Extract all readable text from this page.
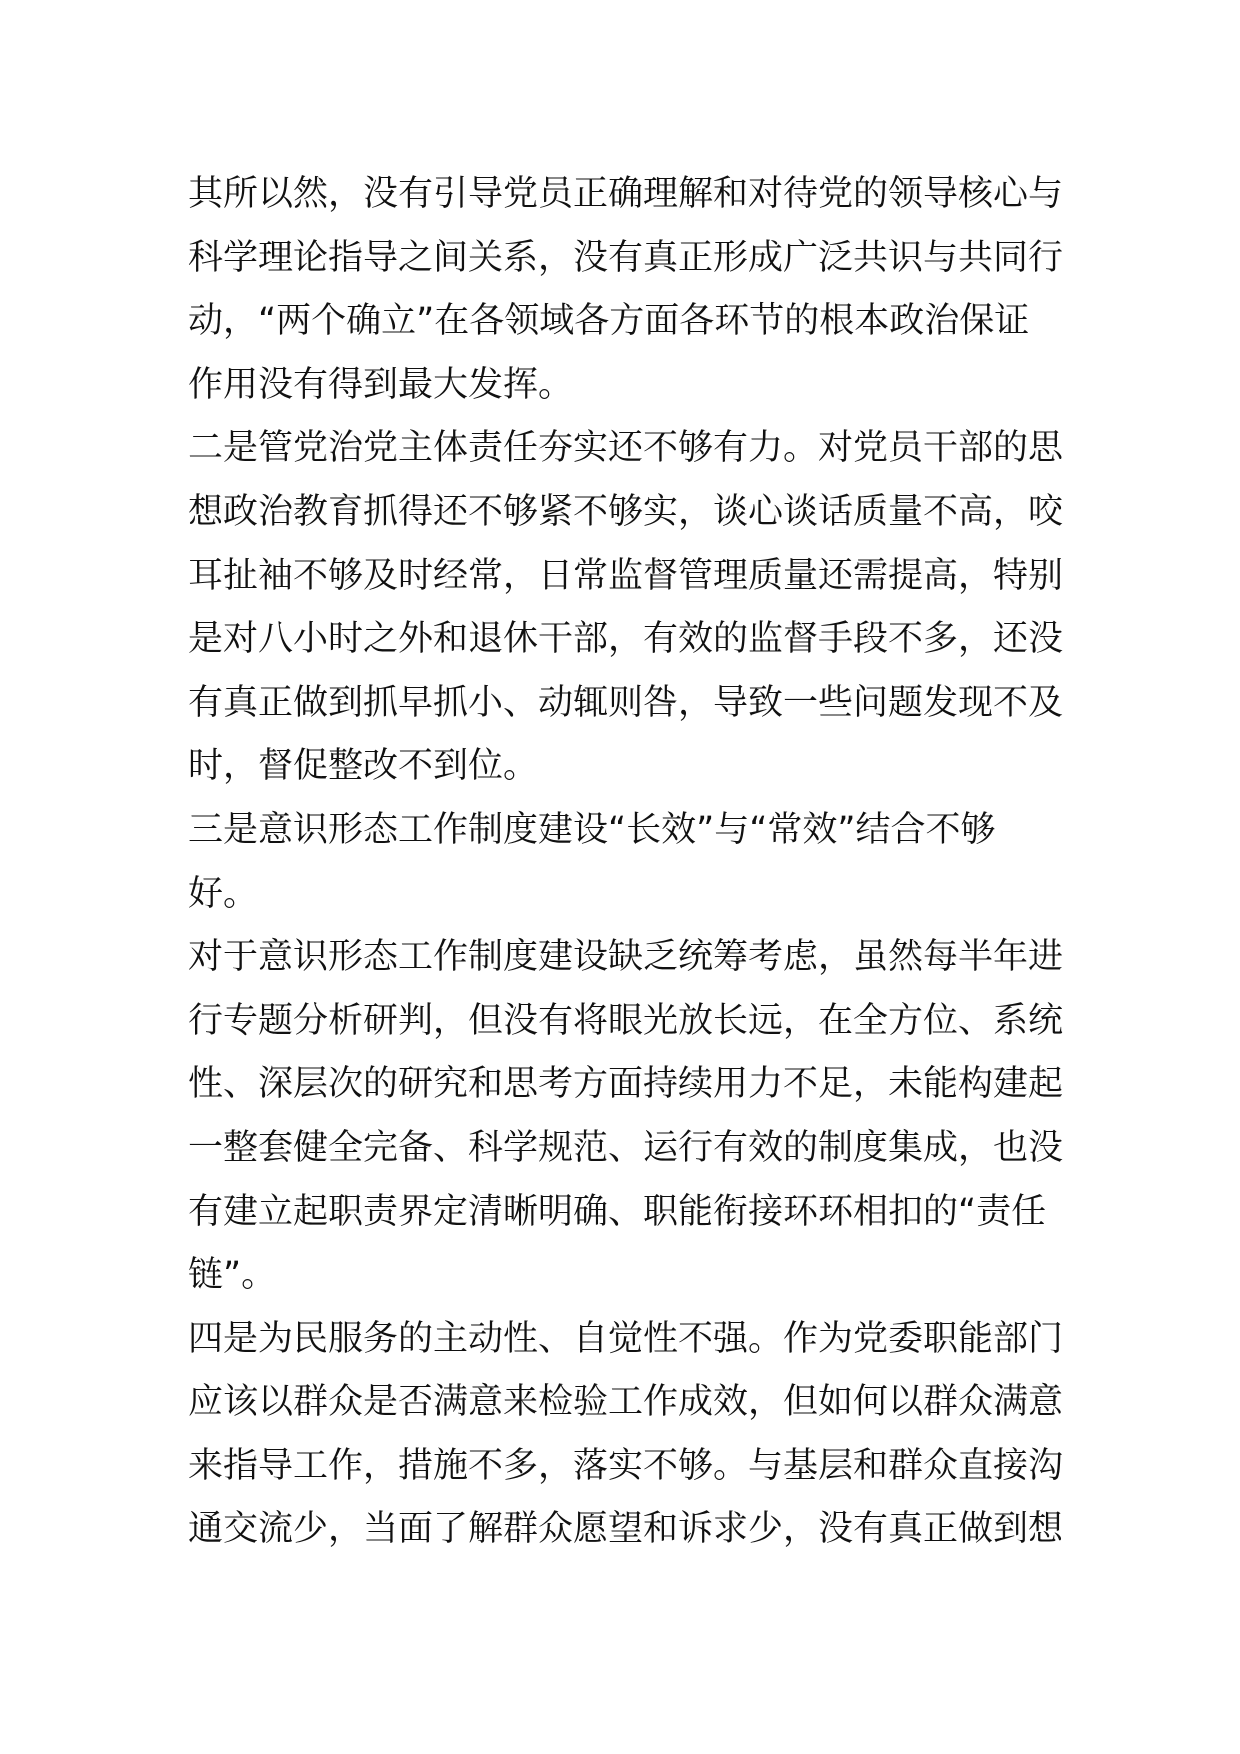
其所以然，没有引导党员正确理解和对待党的领导核心与
科学理论指导之间关系，没有真正形成广泛共识与共同行
动，“两个确立”在各领域各方面各环节的根本政治保证
作用没有得到最大发挥。
二是管党治党主体责任夯实还不够有力。对党员干部的思
想政治教育抓得还不够紧不够实，谈心谈话质量不高，咬
耳扯袖不够及时经常，日常监督管理质量还需提高，特别
是对八小时之外和退休干部，有效的监督手段不多，还没
有真正做到抓早抓小、动辄则咎，导致一些问题发现不及
时，督促整改不到位。
三是意识形态工作制度建设“长效”与“常效”结合不够
好。
对于意识形态工作制度建设缺乏统筹考虑，虽然每半年进
行专题分析研判，但没有将眼光放长远，在全方位、系统
性、深层次的研究和思考方面持续用力不足，未能构建起
一整套健全完备、科学规范、运行有效的制度集成，也没
有建立起职责界定清晰明确、职能衔接环环相扣的“责任
链”。
四是为民服务的主动性、自觉性不强。作为党委职能部门
应该以群众是否满意来检验工作成效，但如何以群众满意
来指导工作，措施不多，落实不够。与基层和群众直接沟
通交流少，当面了解群众愿望和诉求少，没有真正做到想
